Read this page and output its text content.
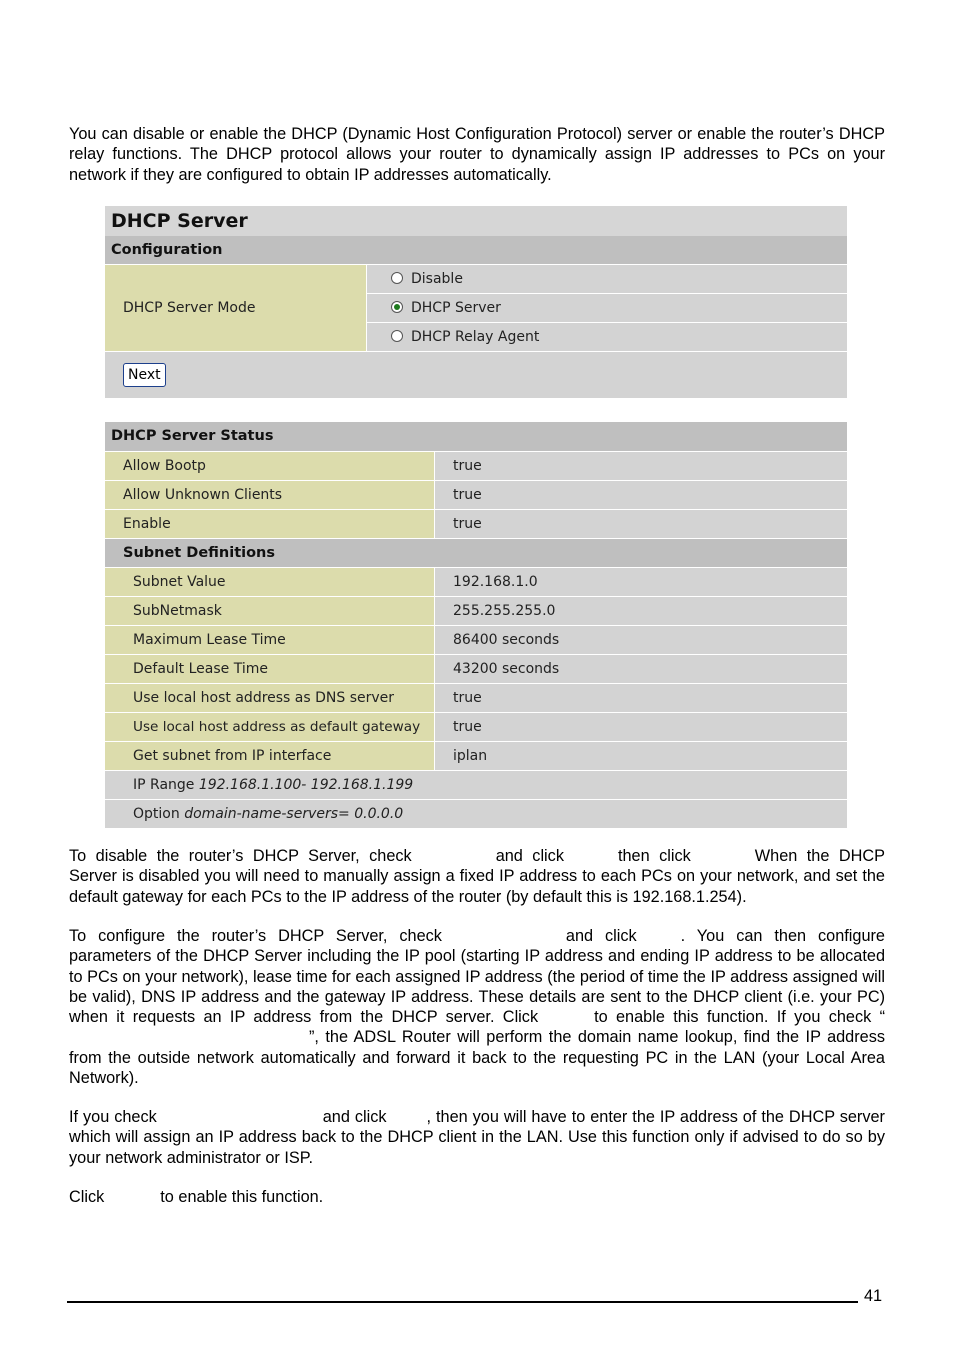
You can disable or enable the DHCP (Dynamic Host Configuration Protocol) server or enable the router’s DHCP relay functions. The DHCP protocol allows your router to dynamically assign IP addresses to PCs on your network if they are configured to obtain IP addresses automatically.
DHCP Server
Configuration
DHCP Server Mode
Disable
DHCP Server
DHCP Relay Agent
Next
DHCP Server Status
Allow Bootp	true
Allow Unknown Clients	true
Enable	true
Subnet Definitions
Subnet Value	192.168.1.0
SubNetmask	255.255.255.0
Maximum Lease Time	86400 seconds
Default Lease Time	43200 seconds
Use local host address as DNS server	true
Use local host address as default gateway	true
Get subnet from IP interface	iplan
IP Range 192.168.1.100- 192.168.1.199
Option domain-name-servers= 0.0.0.0
To disable the router’s DHCP Server, check	and click	then click	When the DHCP Server is disabled you will need to manually assign a fixed IP address to each PCs on your network, and set the default gateway for each PCs to the IP address of the router (by default this is 192.168.1.254).
To configure the router’s DHCP Server, check	and click	. You can then configure parameters of the DHCP Server including the IP pool (starting IP address and ending IP address to be allocated to PCs on your network), lease time for each assigned IP address (the period of time the IP address assigned will be valid), DNS IP address and the gateway IP address. These details are sent to the DHCP client (i.e. your PC) when it requests an IP address from the DHCP server. Click	to enable this function. If you check “”, the ADSL Router will perform the domain name lookup, find the IP address from the outside network automatically and forward it back to the requesting PC in the LAN (your Local Area Network).
If you check	and click , then you will have to enter the IP address of the DHCP server which will assign an IP address back to the DHCP client in the LAN. Use this function only if advised to do so by your network administrator or ISP.
Click	to enable this function.
41
